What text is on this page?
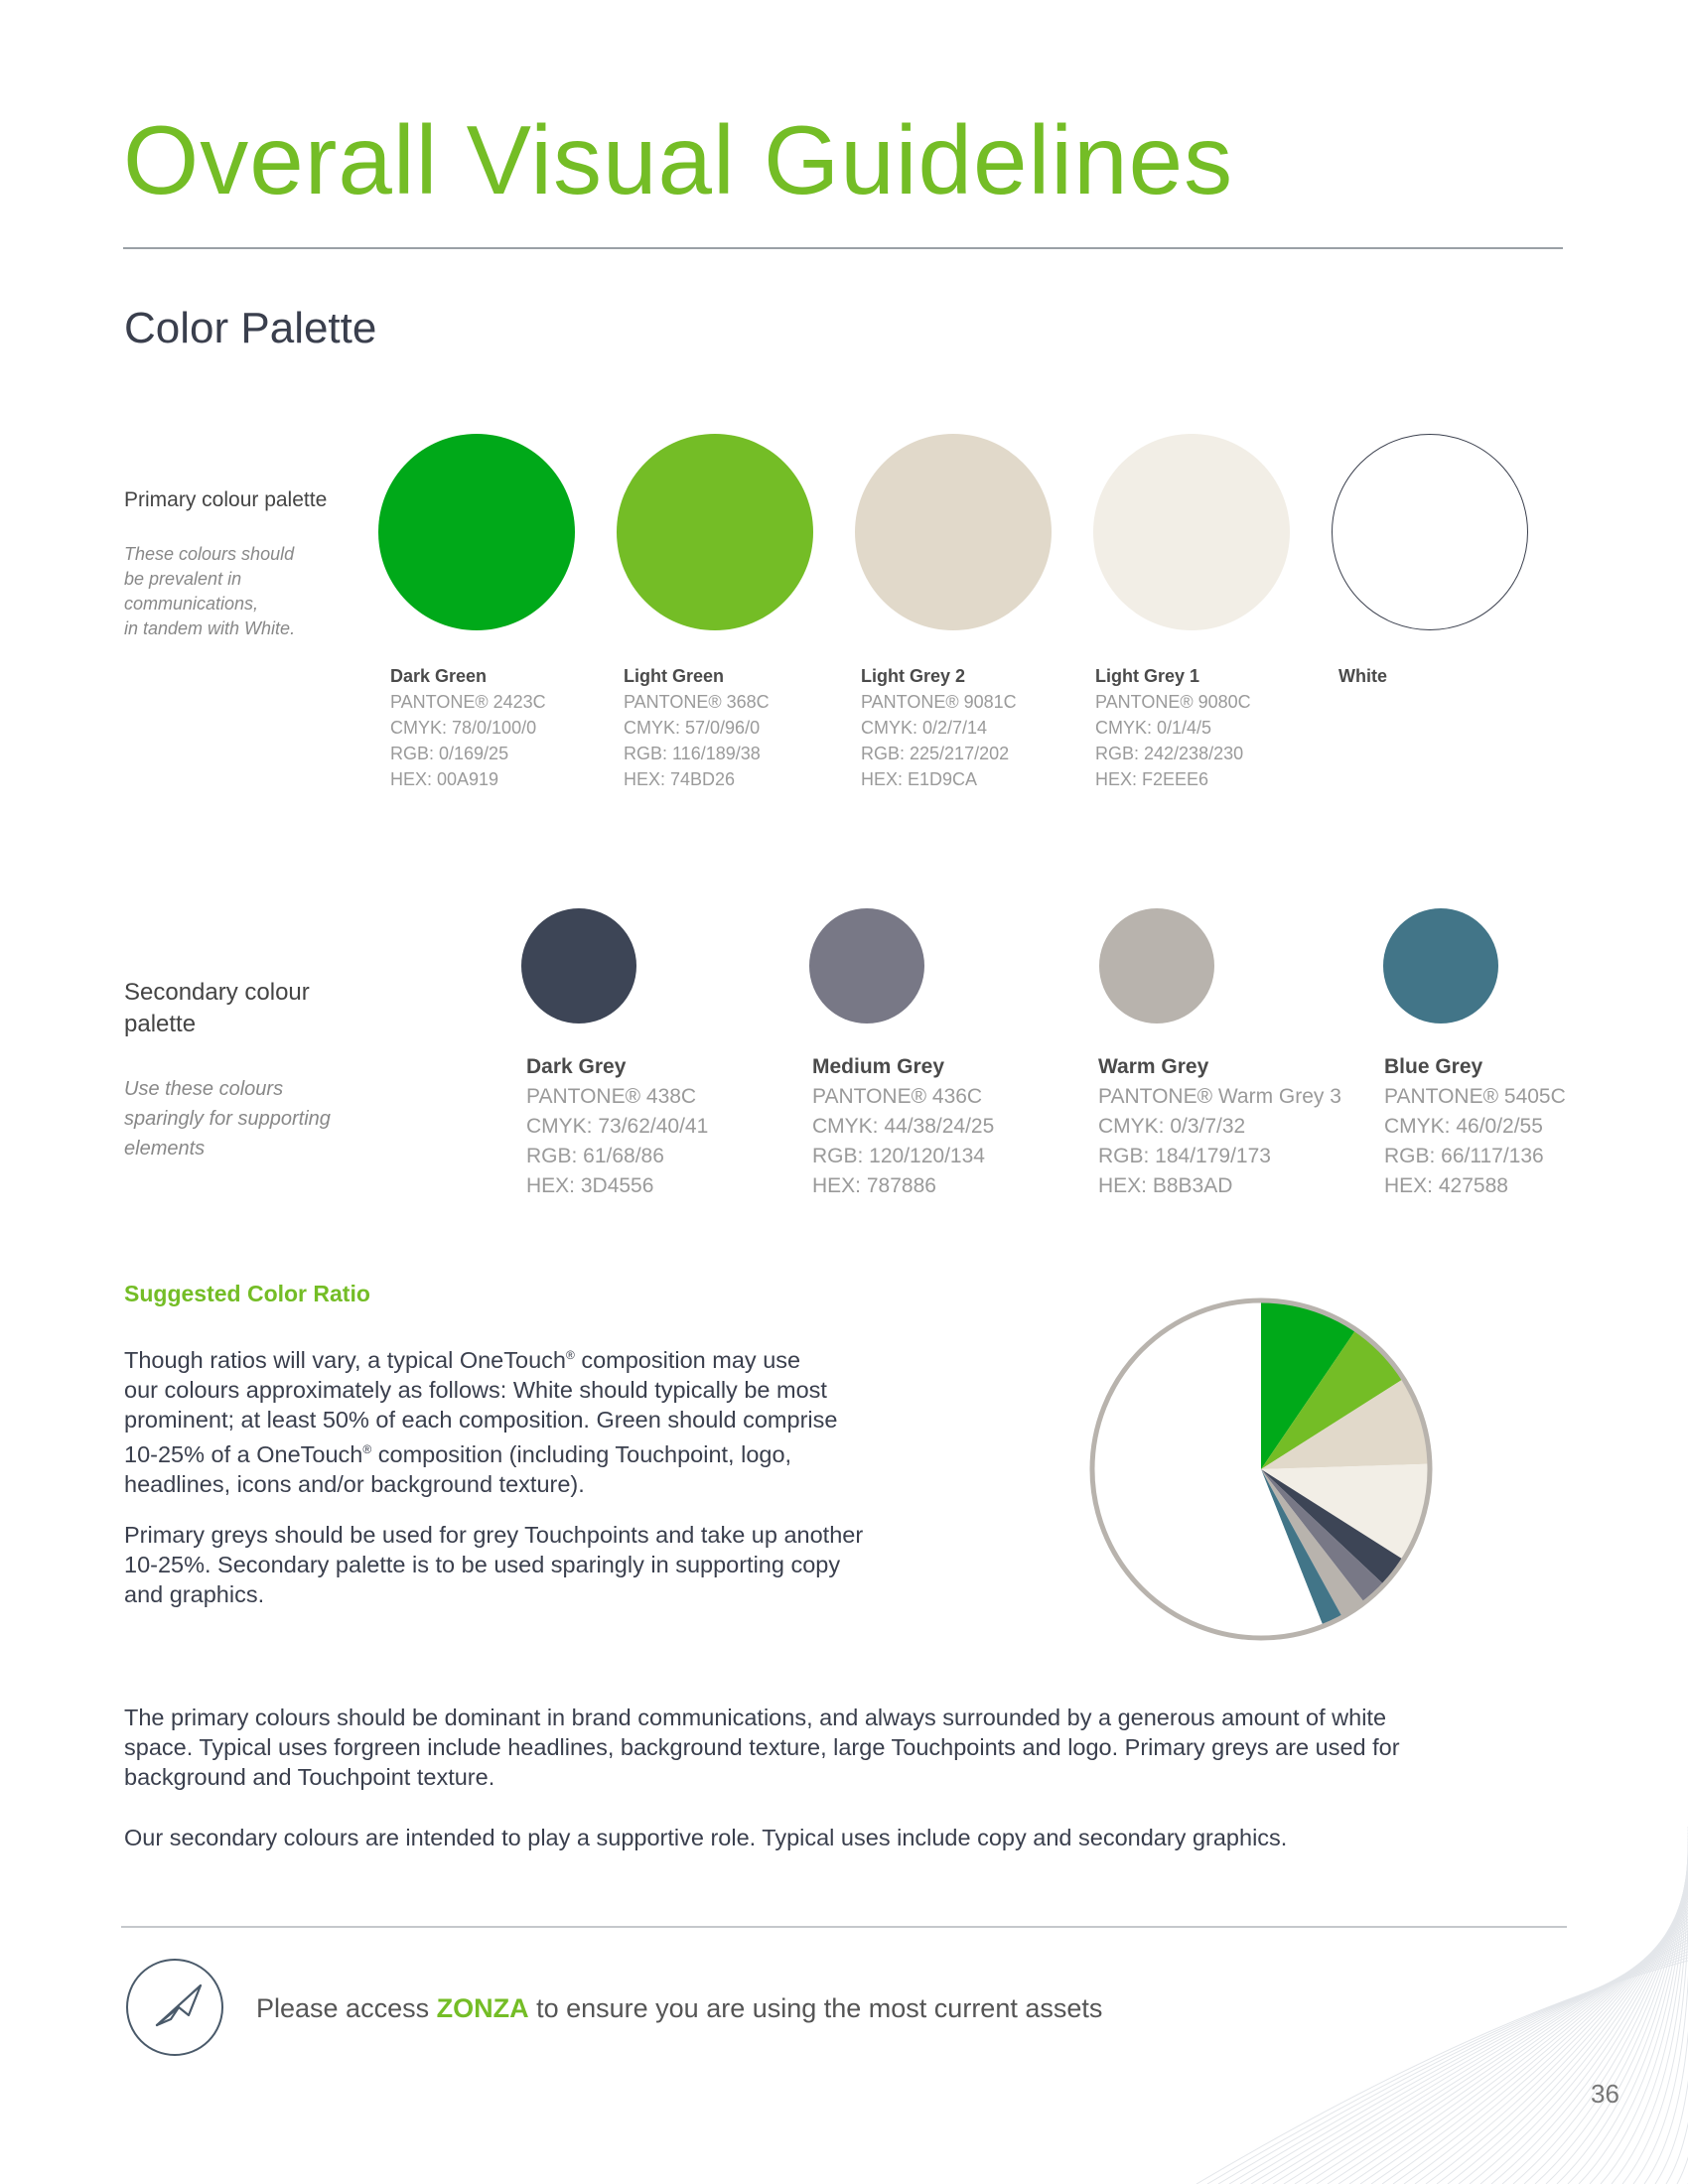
Overall Visual Guidelines
Color Palette
Primary colour palette
These colours should
be prevalent in
communications,
in tandem with White.
Dark Green
PANTONE® 2423C
CMYK: 78/0/100/0
RGB: 0/169/25
HEX: 00A919
Light Green
PANTONE® 368C
CMYK: 57/0/96/0
RGB: 116/189/38
HEX: 74BD26
Light Grey 2
PANTONE® 9081C
CMYK: 0/2/7/14
RGB: 225/217/202
HEX: E1D9CA
Light Grey 1
PANTONE® 9080C
CMYK: 0/1/4/5
RGB: 242/238/230
HEX: F2EEE6
White
Secondary colour
palette
Use these colours
sparingly for supporting
elements
Dark Grey
PANTONE® 438C
CMYK: 73/62/40/41
RGB: 61/68/86
HEX: 3D4556
Medium Grey
PANTONE® 436C
CMYK: 44/38/24/25
RGB: 120/120/134
HEX: 787886
Warm Grey
PANTONE® Warm Grey 3
CMYK: 0/3/7/32
RGB: 184/179/173
HEX: B8B3AD
Blue Grey
PANTONE® 5405C
CMYK: 46/0/2/55
RGB: 66/117/136
HEX: 427588
Suggested Color Ratio
Though ratios will vary, a typical OneTouch® composition may use
our colours approximately as follows: White should typically be most
prominent; at least 50% of each composition. Green should comprise
10-25% of a OneTouch® composition (including Touchpoint, logo,
headlines, icons and/or background texture).
Primary greys should be used for grey Touchpoints and take up another
10-25%. Secondary palette is to be used sparingly in supporting copy
and graphics.
The primary colours should be dominant in brand communications, and always surrounded by a generous amount of white
space. Typical uses forgreen include headlines, background texture, large Touchpoints and logo. Primary greys are used for
background and Touchpoint texture.
Our secondary colours are intended to play a supportive role. Typical uses include copy and secondary graphics.
Please access ZONZA to ensure you are using the most current assets
36
